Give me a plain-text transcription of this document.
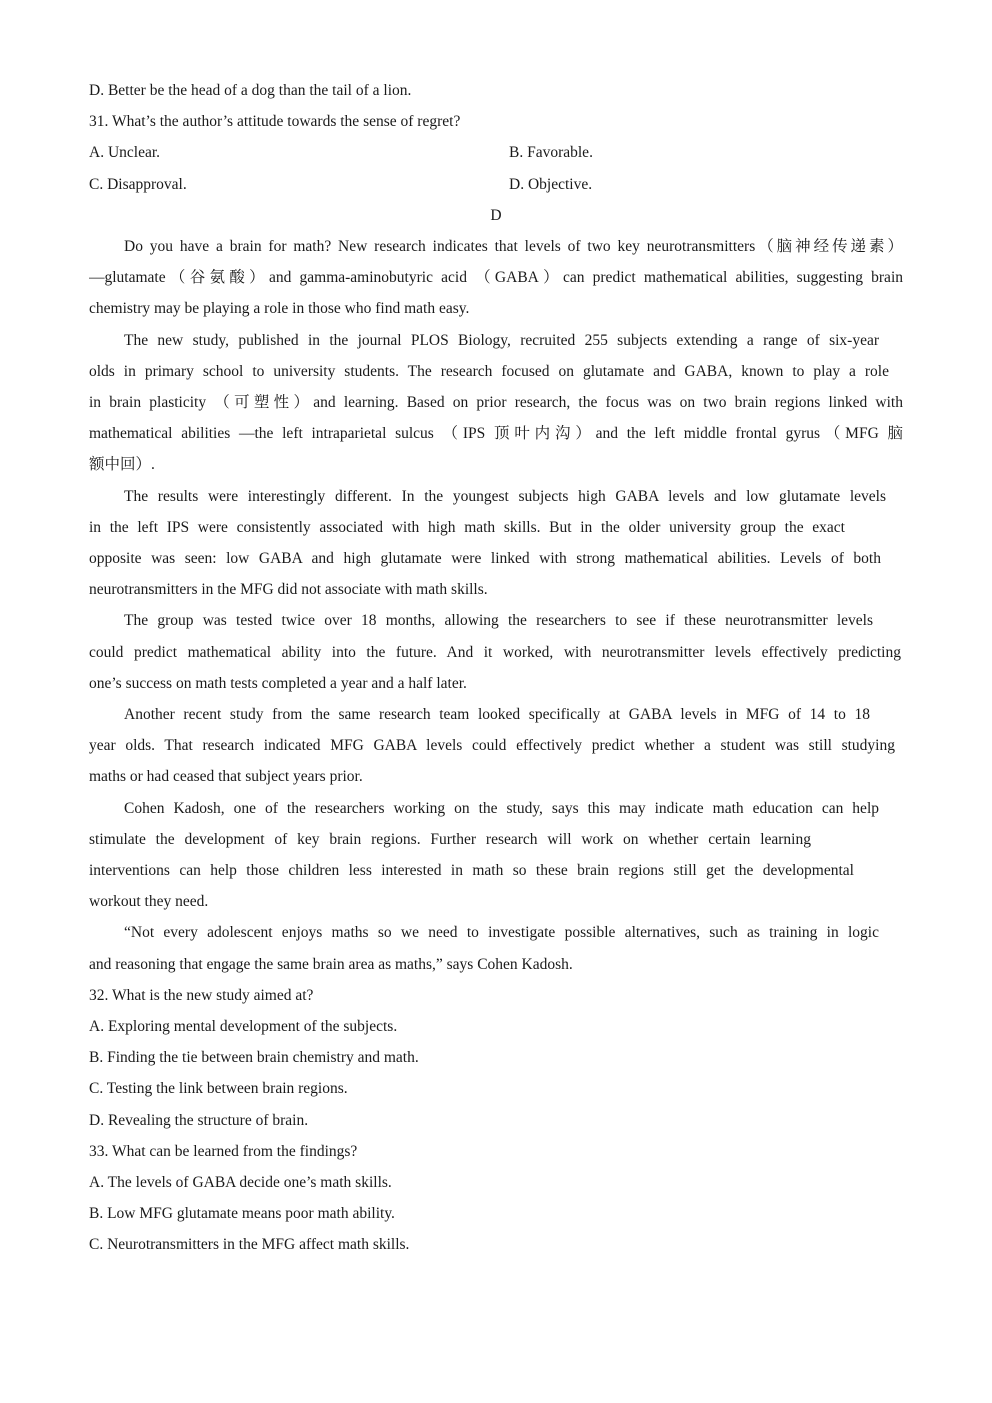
D. Better be the head of a dog than the tail of a lion.
31. What’s the author’s attitude towards the sense of regret?
A. Unclear.	B. Favorable.
C. Disapproval.	D. Objective.
D
Do you have a brain for math? New research indicates that levels of two key neurotransmitters（脑神经传递素）
—glutamate（谷氨酸）and gamma-aminobutyric acid （GABA）can predict mathematical abilities, suggesting brain
chemistry may be playing a role in those who find math easy.
The new study, published in the journal PLOS Biology, recruited 255 subjects extending a range of six-year
olds in primary school to university students. The research focused on glutamate and GABA, known to play a role
in brain plasticity （可塑性）and learning. Based on prior research, the focus was on two brain regions linked with
mathematical abilities —the left intraparietal sulcus （IPS 顶叶内沟）and the left middle frontal gyrus（MFG 脑
额中回）.
The results were interestingly different. In the youngest subjects high GABA levels and low glutamate levels
in the left IPS were consistently associated with high math skills. But in the older university group the exact
opposite was seen: low GABA and high glutamate were linked with strong mathematical abilities. Levels of both
neurotransmitters in the MFG did not associate with math skills.
The group was tested twice over 18 months, allowing the researchers to see if these neurotransmitter levels
could predict mathematical ability into the future. And it worked, with neurotransmitter levels effectively predicting
one’s success on math tests completed a year and a half later.
Another recent study from the same research team looked specifically at GABA levels in MFG of 14 to 18
year olds. That research indicated MFG GABA levels could effectively predict whether a student was still studying
maths or had ceased that subject years prior.
Cohen Kadosh, one of the researchers working on the study, says this may indicate math education can help
stimulate the development of key brain regions. Further research will work on whether certain learning
interventions can help those children less interested in math so these brain regions still get the developmental
workout they need.
“Not every adolescent enjoys maths so we need to investigate possible alternatives, such as training in logic
and reasoning that engage the same brain area as maths,” says Cohen Kadosh.
32. What is the new study aimed at?
A. Exploring mental development of the subjects.
B. Finding the tie between brain chemistry and math.
C. Testing the link between brain regions.
D. Revealing the structure of brain.
33. What can be learned from the findings?
A. The levels of GABA decide one’s math skills.
B. Low MFG glutamate means poor math ability.
C. Neurotransmitters in the MFG affect math skills.
